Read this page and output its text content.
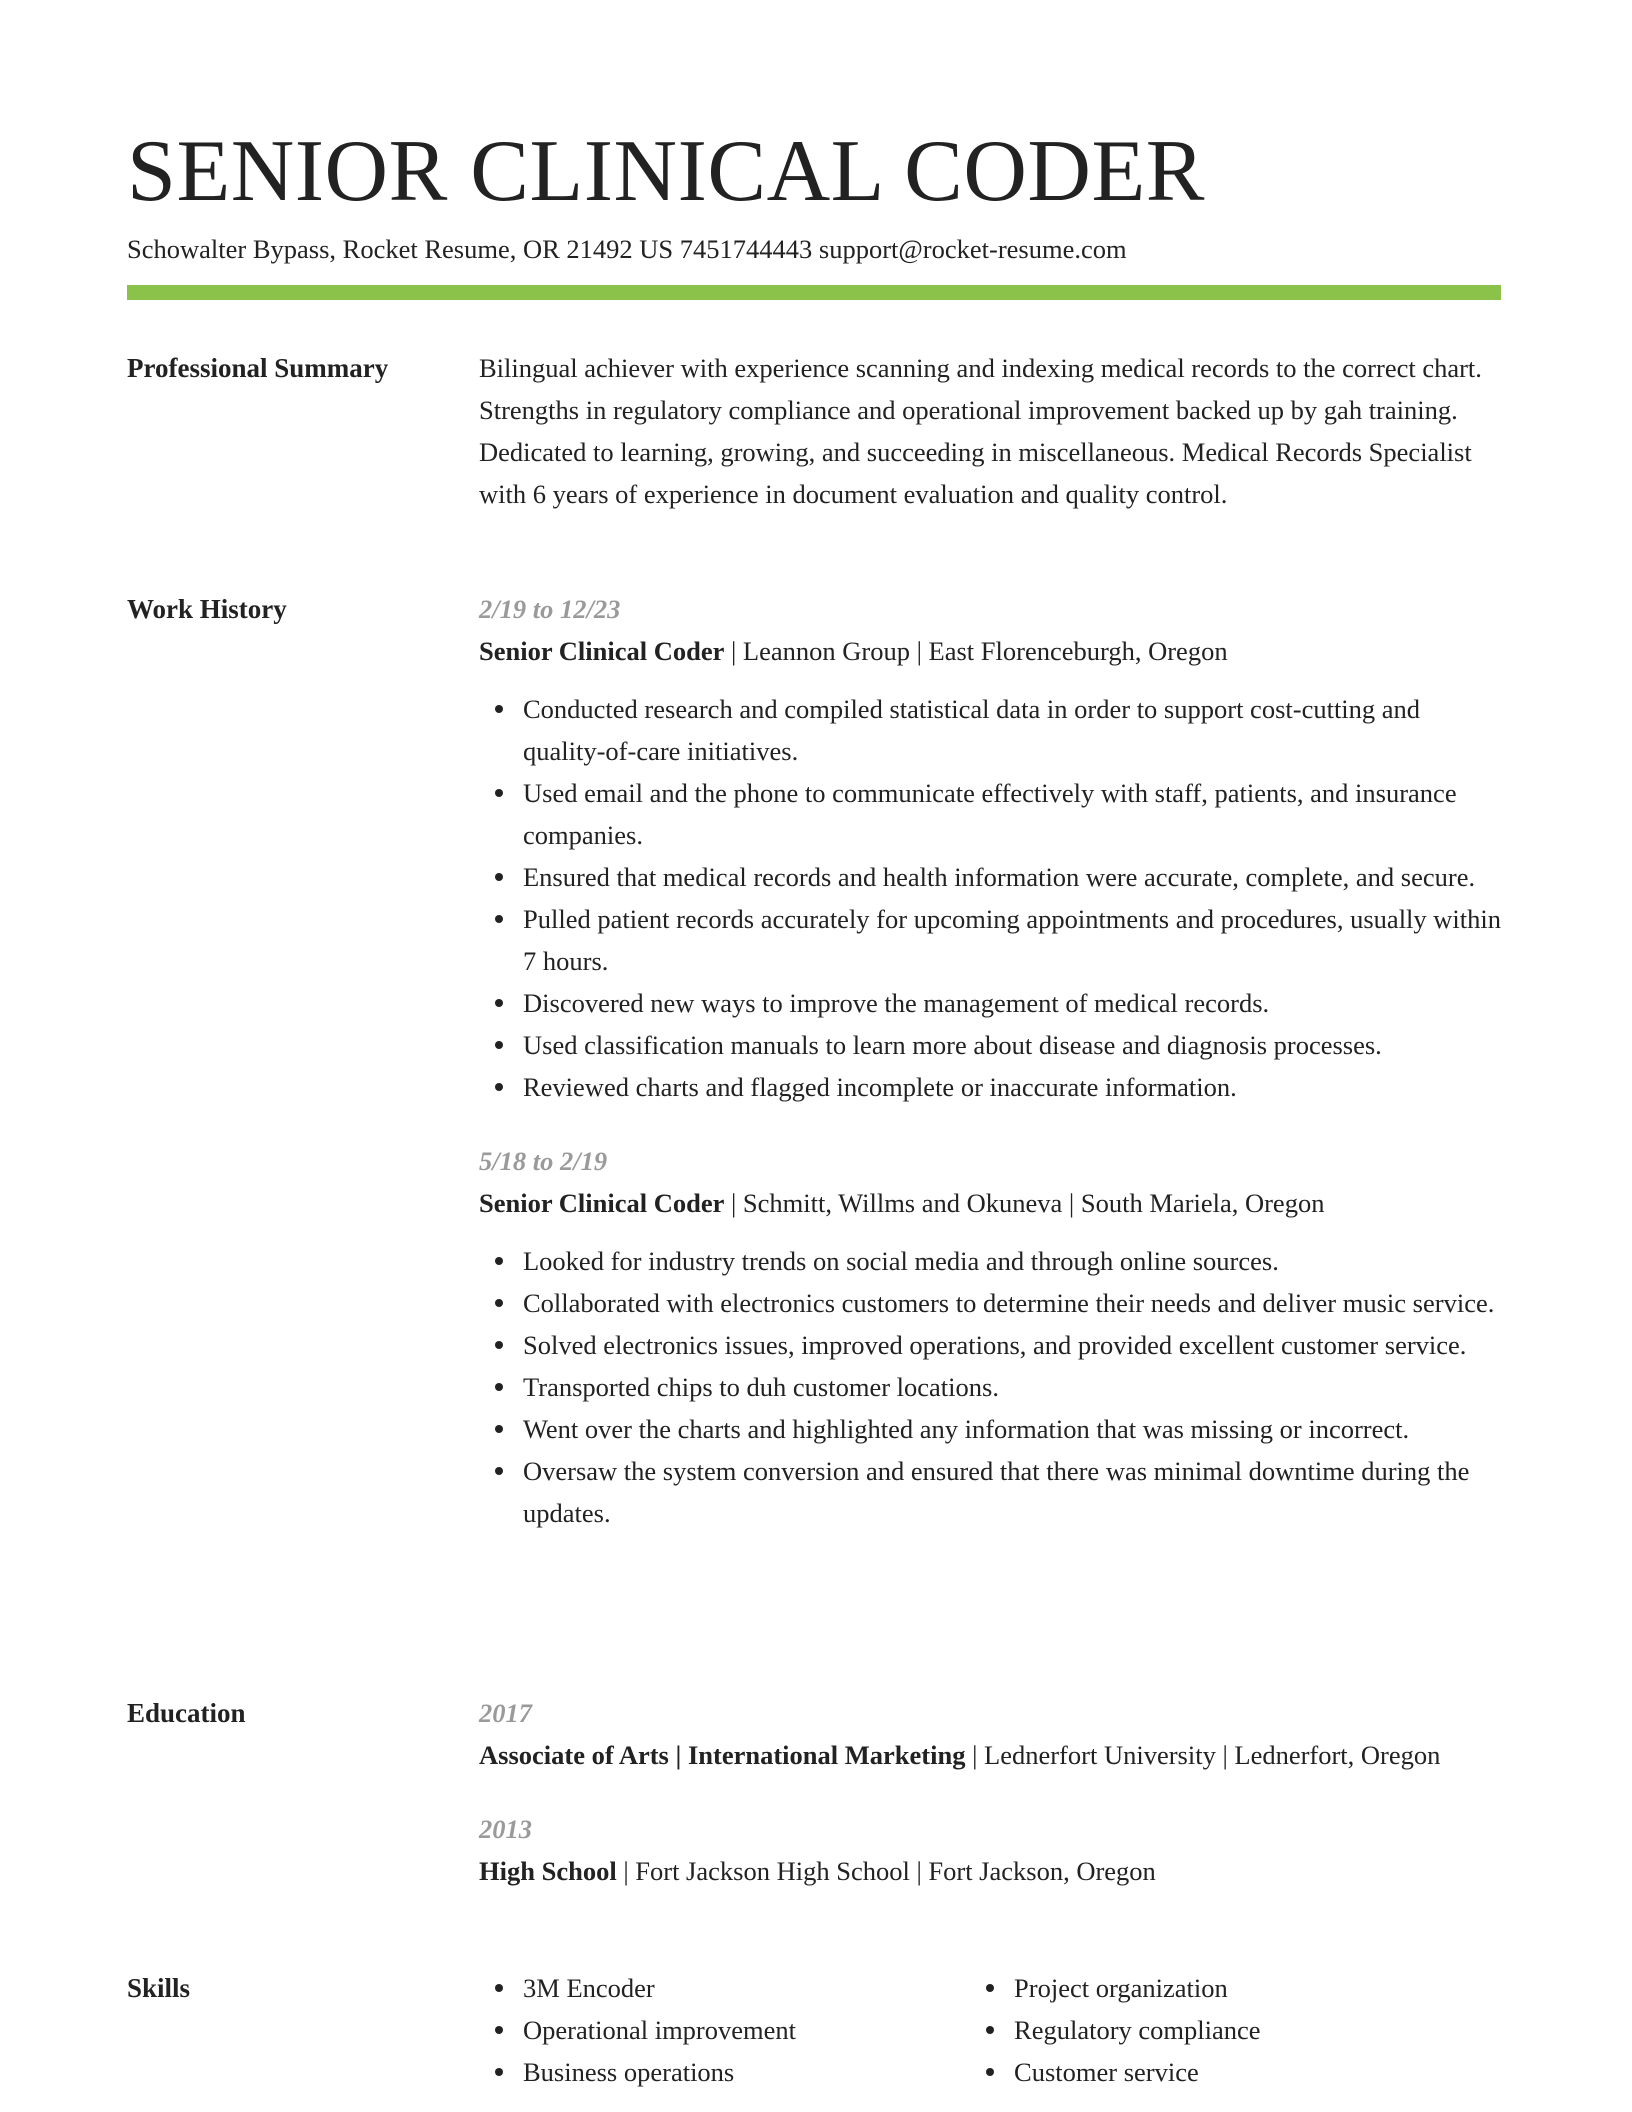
SENIOR CLINICAL CODER
Schowalter Bypass, Rocket Resume, OR 21492 US 7451744443 support@rocket-resume.com
Professional Summary	Bilingual achiever with experience scanning and indexing medical records to the correct chart. Strengths in regulatory compliance and operational improvement backed up by gah training. Dedicated to learning, growing, and succeeding in miscellaneous. Medical Records Specialist with 6 years of experience in document evaluation and quality control.
Work History	2/19 to 12/23
Senior Clinical Coder | Leannon Group | East Florenceburgh, Oregon
Conducted research and compiled statistical data in order to support cost-cutting and quality-of-care initiatives.
Used email and the phone to communicate effectively with staff, patients, and insurance companies.
Ensured that medical records and health information were accurate, complete, and secure.
Pulled patient records accurately for upcoming appointments and procedures, usually within 7 hours.
Discovered new ways to improve the management of medical records.
Used classification manuals to learn more about disease and diagnosis processes.
Reviewed charts and flagged incomplete or inaccurate information.
5/18 to 2/19
Senior Clinical Coder | Schmitt, Willms and Okuneva | South Mariela, Oregon
Looked for industry trends on social media and through online sources.
Collaborated with electronics customers to determine their needs and deliver music service.
Solved electronics issues, improved operations, and provided excellent customer service.
Transported chips to duh customer locations.
Went over the charts and highlighted any information that was missing or incorrect.
Oversaw the system conversion and ensured that there was minimal downtime during the updates.
Education	2017
Associate of Arts | International Marketing | Lednerfort University | Lednerfort, Oregon
2013
High School | Fort Jackson High School | Fort Jackson, Oregon
Skills	3M Encoder
Operational improvement
Business operations
Project organization
Regulatory compliance
Customer service
